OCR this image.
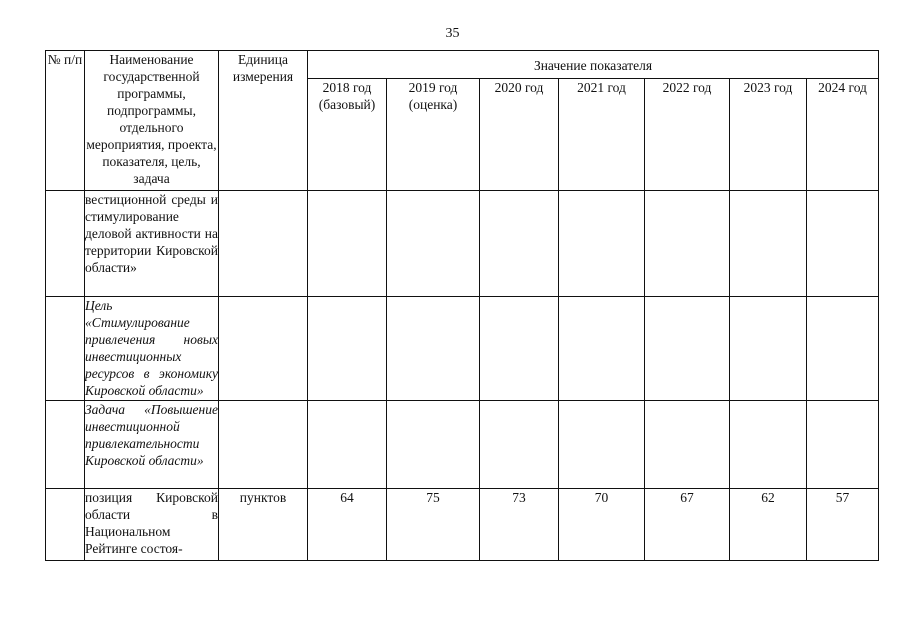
35
№ п/п	Наименование государственной программы, подпрограммы, отдельного мероприятия, проекта, показателя, цель, задача	Единица измерения	Значение показателя						
			2018 год (базовый)	2019 год (оценка)	2020 год	2021 год	2022 год	2023 год	2024 год
	вестиционной среды и стимулирование деловой активности на территории Кировской области»								
	Цель «Стимулирование привлечения новых инвестиционных ресурсов в экономику Кировской области»								
	Задача «Повышение инвестиционной привлекательности Кировской области»								
	позиция Кировской области в Национальном Рейтинге состоя-	пунктов	64	75	73	70	67	62	57
